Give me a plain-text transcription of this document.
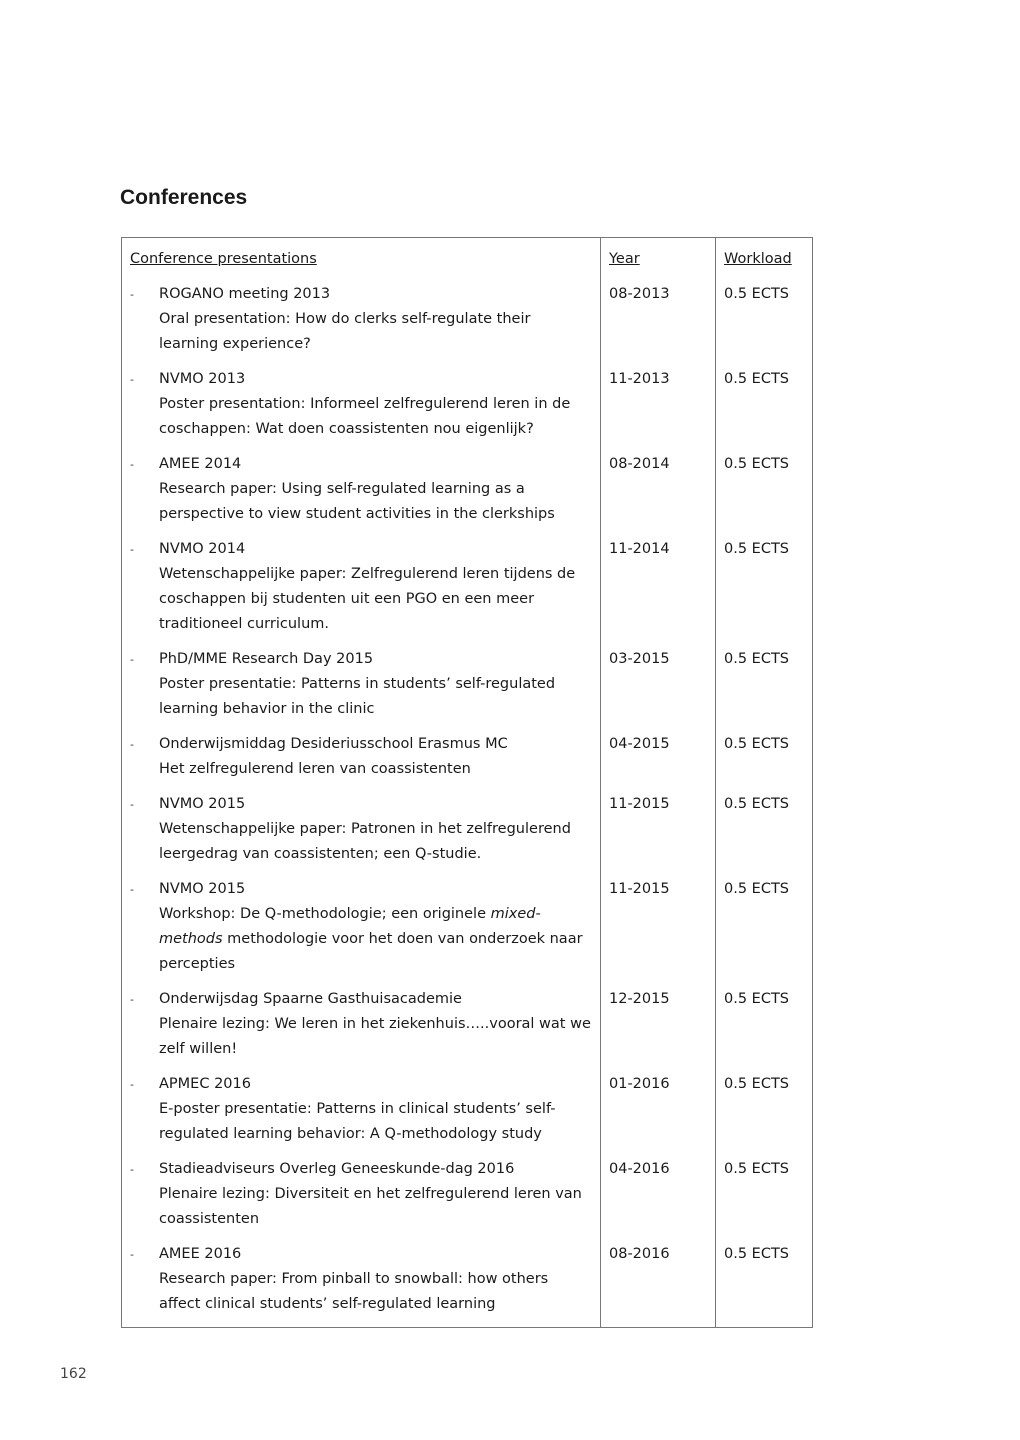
Conferences
Conference presentations	Year	Workload

- ROGANO meeting 2013
Oral presentation: How do clerks self-regulate their
learning experience?	08-2013	0.5 ECTS

- NVMO 2013
Poster presentation: Informeel zelfregulerend leren in de
coschappen: Wat doen coassistenten nou eigenlijk?	11-2013	0.5 ECTS

- AMEE 2014
Research paper: Using self-regulated learning as a
perspective to view student activities in the clerkships	08-2014	0.5 ECTS

- NVMO 2014
Wetenschappelijke paper: Zelfregulerend leren tijdens de
coschappen bij studenten uit een PGO en een meer
traditioneel curriculum.	11-2014	0.5 ECTS

- PhD/MME Research Day 2015
Poster presentatie: Patterns in students’ self-regulated
learning behavior in the clinic	03-2015	0.5 ECTS

- Onderwijsmiddag Desideriusschool Erasmus MC
Het zelfregulerend leren van coassistenten	04-2015	0.5 ECTS

- NVMO 2015
Wetenschappelijke paper: Patronen in het zelfregulerend
leergedrag van coassistenten; een Q-studie.	11-2015	0.5 ECTS

- NVMO 2015
Workshop: De Q-methodologie; een originele mixed-
methods methodologie voor het doen van onderzoek naar
percepties	11-2015	0.5 ECTS

- Onderwijsdag Spaarne Gasthuisacademie
Plenaire lezing: We leren in het ziekenhuis…..vooral wat we
zelf willen!	12-2015	0.5 ECTS

- APMEC 2016
E-poster presentatie: Patterns in clinical students’ self-
regulated learning behavior: A Q-methodology study	01-2016	0.5 ECTS

- Stadieadviseurs Overleg Geneeskunde-dag 2016
Plenaire lezing: Diversiteit en het zelfregulerend leren van
coassistenten	04-2016	0.5 ECTS

- AMEE 2016
Research paper: From pinball to snowball: how others
affect clinical students’ self-regulated learning	08-2016	0.5 ECTS
162
